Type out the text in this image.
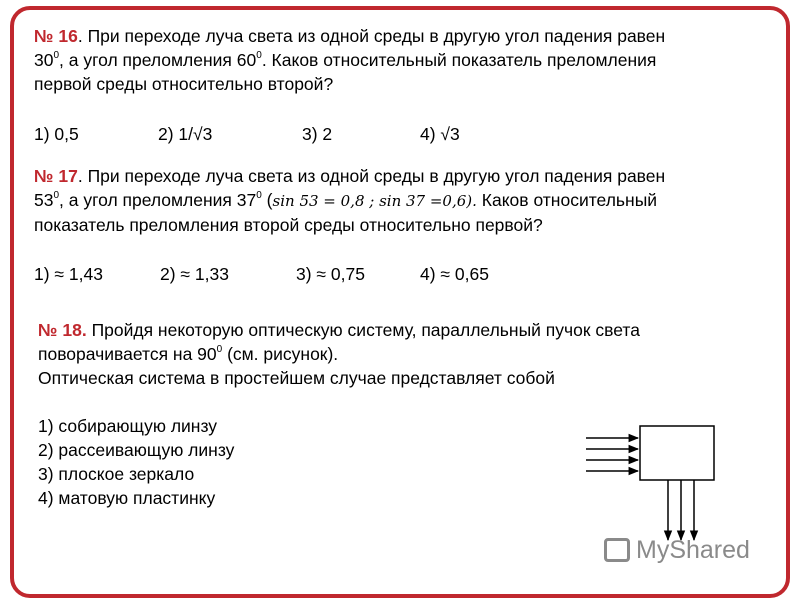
№ 16. При переходе луча света из одной среды в другую угол падения равен
$30^0$, а угол преломления $60^0$. Каков относительный показатель преломления
первой среды относительно второй?
1) 0,5	2) 1/√3	3) 2	4) √3
№ 17. При переходе луча света из одной среды в другую угол падения равен
$53^0$, а угол преломления $37^0$ (sin 53 = 0,8 ; sin 37 =0,6). Каков относительный
показатель преломления второй среды относительно первой?
1) ≈ 1,43	2) ≈ 1,33	3) ≈ 0,75	4) ≈ 0,65
№ 18. Пройдя некоторую оптическую систему, параллельный пучок света
поворачивается на $90^0$ (см. рисунок).
Оптическая система в простейшем случае представляет собой
1) собирающую линзу
2) рассеивающую линзу
3) плоское зеркало
4) матовую пластинку
MyShared
